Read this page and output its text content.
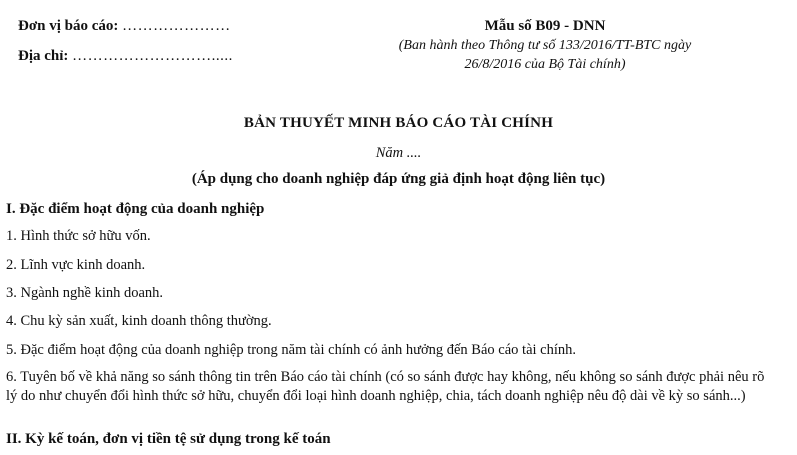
Đơn vị báo cáo: …………………
Địa chỉ: ……………………….....
Mẫu số B09 - DNN
(Ban hành theo Thông tư số 133/2016/TT-BTC ngày
26/8/2016 của Bộ Tài chính)
BẢN THUYẾT MINH BÁO CÁO TÀI CHÍNH
Năm ....
(Áp dụng cho doanh nghiệp đáp ứng giả định hoạt động liên tục)
I. Đặc điểm hoạt động của doanh nghiệp
1. Hình thức sở hữu vốn.
2. Lĩnh vực kinh doanh.
3. Ngành nghề kinh doanh.
4. Chu kỳ sản xuất, kinh doanh thông thường.
5. Đặc điểm hoạt động của doanh nghiệp trong năm tài chính có ảnh hưởng đến Báo cáo tài chính.
6. Tuyên bố về khả năng so sánh thông tin trên Báo cáo tài chính (có so sánh được hay không, nếu không so sánh được phải nêu rõ lý do như chuyển đổi hình thức sở hữu, chuyển đổi loại hình doanh nghiệp, chia, tách doanh nghiệp nêu độ dài về kỳ so sánh...)
II. Kỳ kế toán, đơn vị tiền tệ sử dụng trong kế toán
